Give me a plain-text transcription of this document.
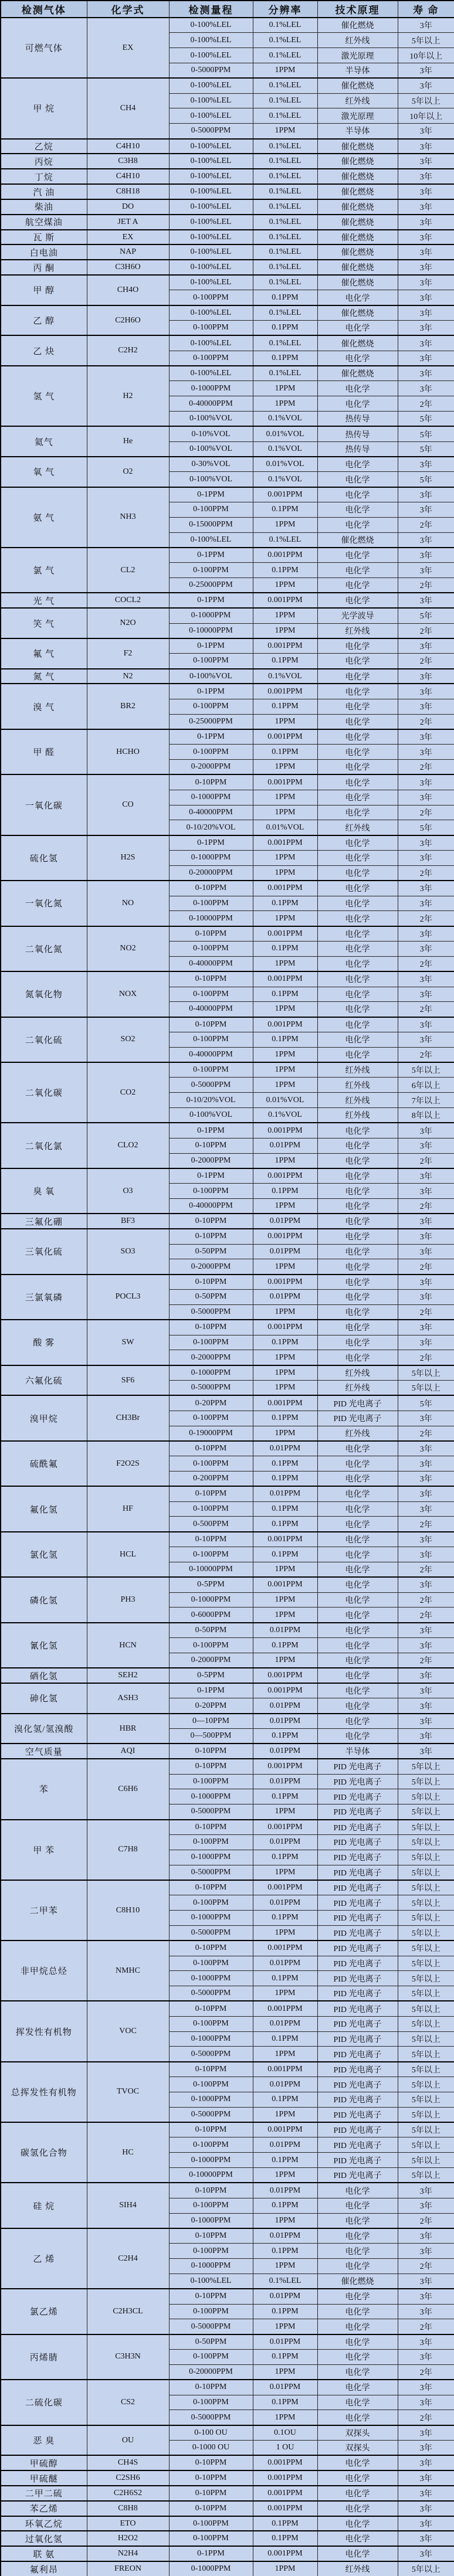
检测气体	化学式	检测量程	分辨率	技术原理	寿 命
可燃气体	EX	0-100%LEL	0.1%LEL	催化燃烧	3年
		0-100%LEL	0.1%LEL	红外线	5年以上
		0-100%LEL	0.1%LEL	激光原理	10年以上
		0-5000PPM	1PPM	半导体	3年
甲 烷	CH4	0-100%LEL	0.1%LEL	催化燃烧	3年
		0-100%LEL	0.1%LEL	红外线	5年以上
		0-100%LEL	0.1%LEL	激光原理	10年以上
		0-5000PPM	1PPM	半导体	3年
乙烷	C4H10	0-100%LEL	0.1%LEL	催化燃烧	3年
丙烷	C3H8	0-100%LEL	0.1%LEL	催化燃烧	3年
丁烷	C4H10	0-100%LEL	0.1%LEL	催化燃烧	3年
汽 油	C8H18	0-100%LEL	0.1%LEL	催化燃烧	3年
柴油	DO	0-100%LEL	0.1%LEL	催化燃烧	3年
航空煤油	JET A	0-100%LEL	0.1%LEL	催化燃烧	3年
瓦 斯	EX	0-100%LEL	0.1%LEL	催化燃烧	3年
白电油	NAP	0-100%LEL	0.1%LEL	催化燃烧	3年
丙 酮	C3H6O	0-100%LEL	0.1%LEL	催化燃烧	3年
甲 醇	CH4O	0-100%LEL	0.1%LEL	催化燃烧	3年
		0-100PPM	0.1PPM	电化学	3年
乙 醇	C2H6O	0-100%LEL	0.1%LEL	催化燃烧	3年
		0-100PPM	0.1PPM	电化学	3年
乙 炔	C2H2	0-100%LEL	0.1%LEL	催化燃烧	3年
		0-100PPM	0.1PPM	电化学	3年
氢 气	H2	0-100%LEL	0.1%LEL	催化燃烧	3年
		0-1000PPM	1PPM	电化学	3年
		0-40000PPM	1PPM	电化学	2年
		0-100%VOL	0.1%VOL	热传导	5年
氦气	He	0-10%VOL	0.01%VOL	热传导	5年
		0-100%VOL	0.1%VOL	热传导	5年
氧 气	O2	0-30%VOL	0.01%VOL	电化学	3年
		0-100%VOL	0.1%VOL	电化学	5年
氨 气	NH3	0-1PPM	0.001PPM	电化学	3年
		0-100PPM	0.1PPM	电化学	3年
		0-15000PPM	1PPM	电化学	2年
		0-100%LEL	0.1%LEL	催化燃烧	3年
氯 气	CL2	0-1PPM	0.001PPM	电化学	3年
		0-100PPM	0.1PPM	电化学	3年
		0-25000PPM	1PPM	电化学	2年
光 气	COCL2	0-1PPM	0.001PPM	电化学	3年
笑 气	N2O	0-1000PPM	1PPM	光学波导	5年
		0-10000PPM	1PPM	红外线	2年
氟 气	F2	0-1PPM	0.001PPM	电化学	3年
		0-100PPM	0.1PPM	电化学	2年
氮 气	N2	0-100%VOL	0.1%VOL	电化学	3年
溴 气	BR2	0-1PPM	0.001PPM	电化学	3年
		0-100PPM	0.1PPM	电化学	3年
		0-25000PPM	1PPM	电化学	2年
甲 醛	HCHO	0-1PPM	0.001PPM	电化学	3年
		0-100PPM	0.1PPM	电化学	3年
		0-2000PPM	1PPM	电化学	2年
一氧化碳	CO	0-10PPM	0.001PPM	电化学	3年
		0-1000PPM	1PPM	电化学	3年
		0-40000PPM	1PPM	电化学	2年
		0-10/20%VOL	0.01%VOL	红外线	5年
硫化氢	H2S	0-1PPM	0.001PPM	电化学	3年
		0-1000PPM	1PPM	电化学	3年
		0-20000PPM	1PPM	电化学	2年
一氧化氮	NO	0-10PPM	0.001PPM	电化学	3年
		0-100PPM	0.1PPM	电化学	3年
		0-10000PPM	1PPM	电化学	2年
二氧化氮	NO2	0-10PPM	0.001PPM	电化学	3年
		0-100PPM	0.1PPM	电化学	3年
		0-40000PPM	1PPM	电化学	2年
氮氧化物	NOX	0-10PPM	0.001PPM	电化学	3年
		0-100PPM	0.1PPM	电化学	3年
		0-40000PPM	1PPM	电化学	2年
二氧化硫	SO2	0-10PPM	0.001PPM	电化学	3年
		0-100PPM	0.1PPM	电化学	3年
		0-40000PPM	1PPM	电化学	2年
二氧化碳	CO2	0-100PPM	1PPM	红外线	5年以上
		0-5000PPM	1PPM	红外线	6年以上
		0-10/20%VOL	0.01%VOL	红外线	7年以上
		0-100%VOL	0.1%VOL	红外线	8年以上
二氧化氯	CLO2	0-1PPM	0.001PPM	电化学	3年
		0-10PPM	0.01PPM	电化学	3年
		0-2000PPM	1PPM	电化学	2年
臭 氧	O3	0-1PPM	0.001PPM	电化学	3年
		0-100PPM	0.1PPM	电化学	3年
		0-40000PPM	1PPM	电化学	2年
三氟化硼	BF3	0-10PPM	0.01PPM	电化学	3年
三氧化硫	SO3	0-10PPM	0.001PPM	电化学	3年
		0-50PPM	0.01PPM	电化学	3年
		0-2000PPM	1PPM	电化学	2年
三氯氧磷	POCL3	0-10PPM	0.001PPM	电化学	3年
		0-50PPM	0.01PPM	电化学	3年
		0-5000PPM	1PPM	电化学	2年
酸 雾	SW	0-10PPM	0.001PPM	电化学	3年
		0-100PPM	0.1PPM	电化学	3年
		0-2000PPM	1PPM	电化学	2年
六氟化硫	SF6	0-1000PPM	1PPM	红外线	5年以上
		0-5000PPM	1PPM	红外线	5年以上
溴甲烷	CH3Br	0-20PPM	0.001PPM	PID 光电离子	5年
		0-100PPM	0.1PPM	PID 光电离子	3年
		0-19000PPM	1PPM	红外线	2年
硫酰氟	F2O2S	0-10PPM	0.01PPM	电化学	3年
		0-100PPM	0.1PPM	电化学	3年
		0-200PPM	0.1PPM	电化学	3年
氟化氢	HF	0-10PPM	0.01PPM	电化学	3年
		0-100PPM	0.1PPM	电化学	3年
		0-500PPM	0.1PPM	电化学	2年
氯化氢	HCL	0-10PPM	0.001PPM	电化学	3年
		0-100PPM	0.1PPM	电化学	3年
		0-10000PPM	1PPM	电化学	2年
磷化氢	PH3	0-5PPM	0.001PPM	电化学	3年
		0-1000PPM	1PPM	电化学	2年
		0-6000PPM	1PPM	电化学	2年
氰化氢	HCN	0-50PPM	0.01PPM	电化学	3年
		0-100PPM	0.1PPM	电化学	3年
		0-2000PPM	1PPM	电化学	2年
硒化氢	SEH2	0-5PPM	0.001PPM	电化学	3年
砷化氢	ASH3	0-1PPM	0.001PPM	电化学	3年
		0-20PPM	0.01PPM	电化学	3年
溴化氢/氢溴酸	HBR	0—10PPM	0.01PPM	电化学	3年
		0—500PPM	0.1PPM	电化学	3年
空气质量	AQI	0-10PPM	0.01PPM	半导体	3年
苯	C6H6	0-10PPM	0.001PPM	PID 光电离子	5年以上
		0-100PPM	0.01PPM	PID 光电离子	5年以上
		0-1000PPM	0.1PPM	PID 光电离子	5年以上
		0-5000PPM	1PPM	PID 光电离子	5年以上
甲 苯	C7H8	0-10PPM	0.001PPM	PID 光电离子	5年以上
		0-100PPM	0.01PPM	PID 光电离子	5年以上
		0-1000PPM	0.1PPM	PID 光电离子	5年以上
		0-5000PPM	1PPM	PID 光电离子	5年以上
二甲苯	C8H10	0-10PPM	0.001PPM	PID 光电离子	5年以上
		0-100PPM	0.01PPM	PID 光电离子	5年以上
		0-1000PPM	0.1PPM	PID 光电离子	5年以上
		0-5000PPM	1PPM	PID 光电离子	5年以上
非甲烷总烃	NMHC	0-10PPM	0.001PPM	PID 光电离子	5年以上
		0-100PPM	0.01PPM	PID 光电离子	5年以上
		0-1000PPM	0.1PPM	PID 光电离子	5年以上
		0-5000PPM	1PPM	PID 光电离子	5年以上
挥发性有机物	VOC	0-10PPM	0.001PPM	PID 光电离子	5年以上
		0-100PPM	0.01PPM	PID 光电离子	5年以上
		0-1000PPM	0.1PPM	PID 光电离子	5年以上
		0-5000PPM	1PPM	PID 光电离子	5年以上
总挥发性有机物	TVOC	0-10PPM	0.001PPM	PID 光电离子	5年以上
		0-100PPM	0.01PPM	PID 光电离子	5年以上
		0-1000PPM	0.1PPM	PID 光电离子	5年以上
		0-5000PPM	1PPM	PID 光电离子	5年以上
碳氢化合物	HC	0-10PPM	0.001PPM	PID 光电离子	5年以上
		0-100PPM	0.01PPM	PID 光电离子	5年以上
		0-1000PPM	0.1PPM	PID 光电离子	5年以上
		0-10000PPM	1PPM	PID 光电离子	5年以上
硅 烷	SIH4	0-10PPM	0.01PPM	电化学	3年
		0-100PPM	0.1PPM	电化学	3年
		0-1000PPM	1PPM	电化学	2年
乙 烯	C2H4	0-10PPM	0.01PPM	电化学	3年
		0-100PPM	0.1PPM	电化学	3年
		0-1000PPM	1PPM	电化学	2年
		0-100%LEL	0.1%LEL	催化燃烧	3年
氯乙烯	C2H3CL	0-10PPM	0.01PPM	电化学	3年
		0-100PPM	0.1PPM	电化学	3年
		0-5000PPM	1PPM	电化学	2年
丙烯腈	C3H3N	0-50PPM	0.01PPM	电化学	3年
		0-100PPM	0.1PPM	电化学	3年
		0-20000PPM	1PPM	电化学	2年
二硫化碳	CS2	0-10PPM	0.01PPM	电化学	3年
		0-100PPM	0.1PPM	电化学	3年
		0-5000PPM	1PPM	电化学	2年
恶 臭	OU	0-100 OU	0.1OU	双探头	3年
		0-1000 OU	1 OU	双探头	3年
甲硫醇	CH4S	0-10PPM	0.001PPM	电化学	3年
甲硫醚	C2SH6	0-10PPM	0.001PPM	电化学	3年
二甲二硫	C2H6S2	0-10PPM	0.001PPM	电化学	3年
苯乙烯	C8H8	0-10PPM	0.001PPM	电化学	3年
环氧乙烷	ETO	0-100PPM	0.1PPM	电化学	3年
过氧化氢	H2O2	0-100PPM	0.1PPM	电化学	3年
联 氨	N2H4	0-1PPM	0.001PPM	电化学	3年
氟利昂	FREON	0-1000PPM	1PPM	红外线	5年以上
